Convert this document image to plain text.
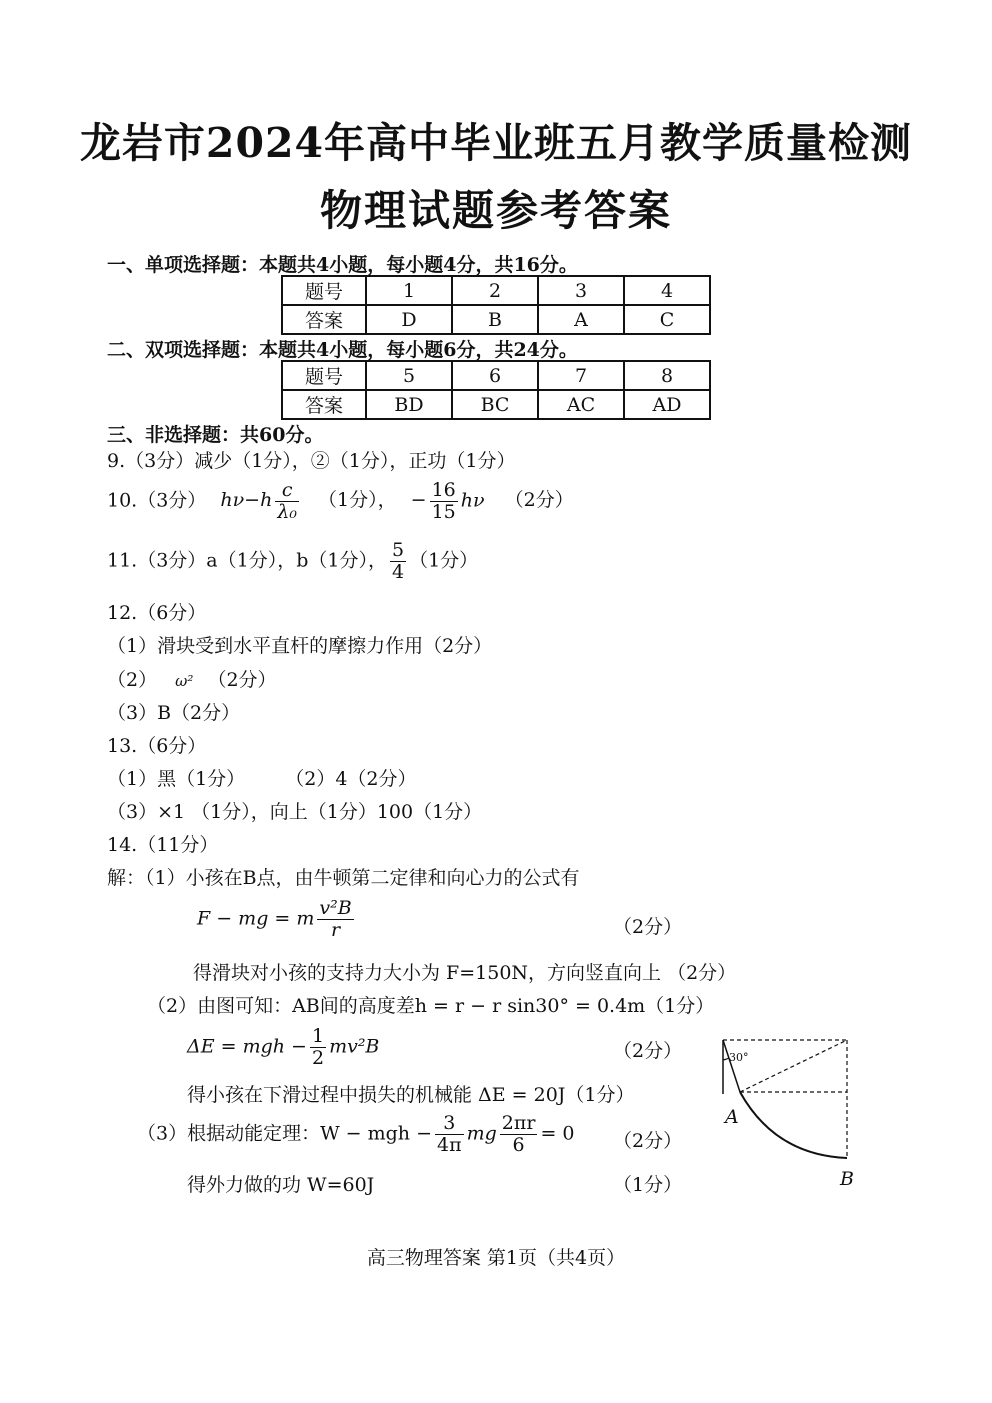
龙岩市2024年高中毕业班五月教学质量检测
物理试题参考答案
一、单项选择题：本题共4小题，每小题4分，共16分。
题号	1	2	3	4
答案	D	B	A	C
二、双项选择题：本题共4小题，每小题6分，共24分。
题号	5	6	7	8
答案	BD	BC	AC	AD
三、非选择题：共60分。
9.（3分）减少（1分），②（1分），正功（1分）
10.（3分） $h\nu-h \frac{c}{\text{λ₀}} (1$分）， − $\frac{16}{15}$ hν （2分）
11.（3分）a（1分），b（1分）， $\frac{5}{4} (1$分）
12.（6分）
（1）滑块受到水平直杆的摩擦力作用（2分）
（2） ω² （2分）
（3）B（2分）
13.（6分）
（1）黑（1分） （2）4（2分）
（3）×1 （1分），向上（1分）100（1分）
14.（11分）
解：（1）小孩在B点，由牛顿第二定律和向心力的公式有
F − mg = m $\frac{\text{v²B}}{r}$	（2分）
得滑块对小孩的支持力大小为 F=150N，方向竖直向上 （2分）
（2）由图可知：AB间的高度差h = r − r sin30° = 0.4m（1分）
ΔE = mgh − $\frac{1}{2} mv^2B$	（2分）
得小孩在下滑过程中损失的机械能 ΔE = 20J（1分）
（3）根据动能定理：W − mgh − $\frac{3}{4\pi}$ mg $\frac{2\pi r}{6} = 0$ （2分）
得外力做的功 W=60J	（1分）
30°
A
B
高三物理答案 第1页（共4页）
